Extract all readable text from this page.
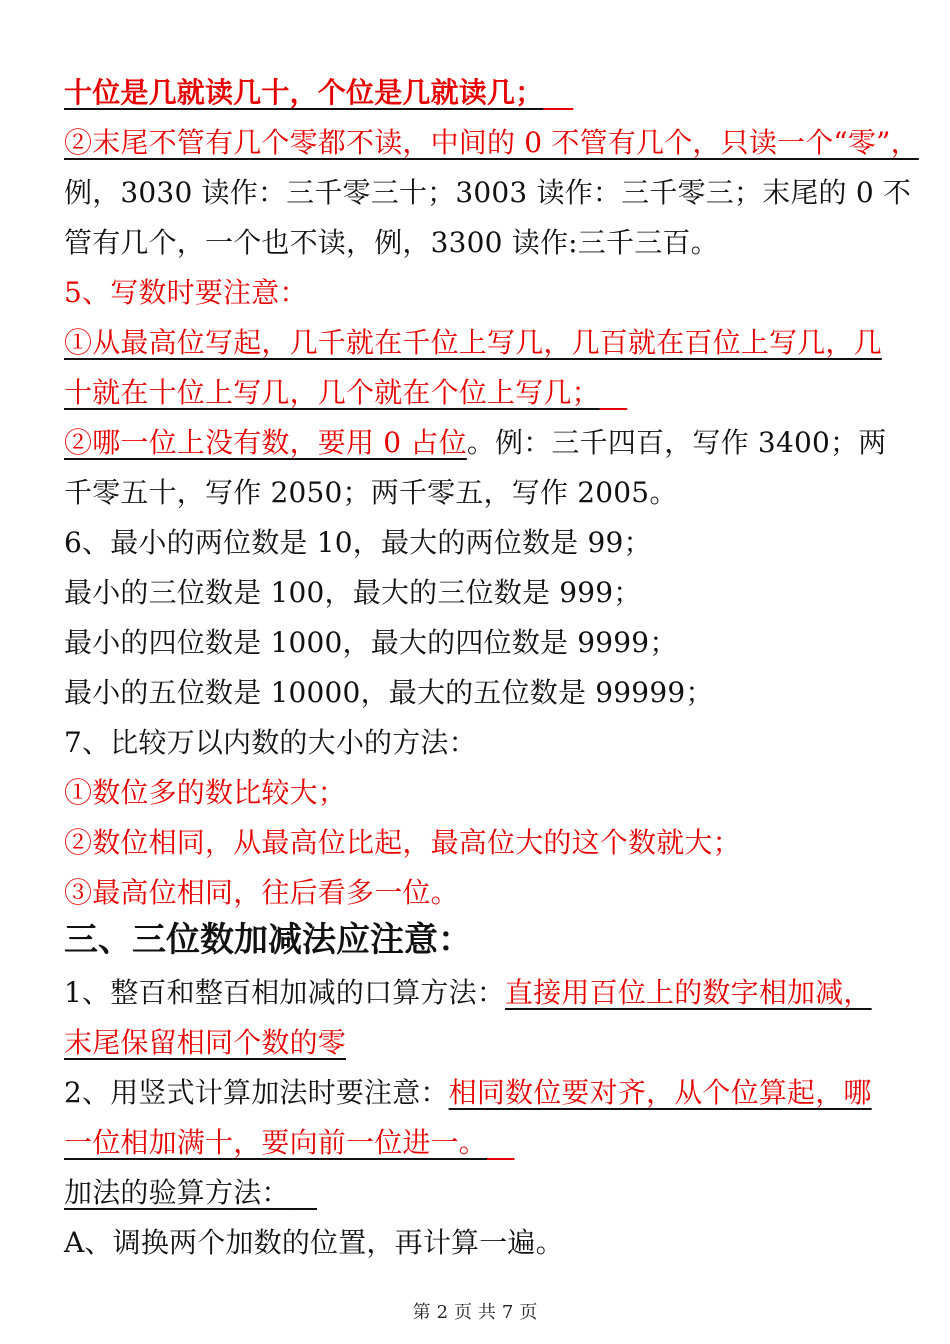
十位是几就读几十，个位是几就读几；
②末尾不管有几个零都不读，中间的 0 不管有几个，只读一个“零”，
例，3030 读作：三千零三十；3003 读作：三千零三；末尾的 0 不
管有几个，一个也不读，例，3300 读作:三千三百。
5、写数时要注意：
①从最高位写起，几千就在千位上写几，几百就在百位上写几，几
十就在十位上写几，几个就在个位上写几；
②哪一位上没有数，要用 0 占位。例：三千四百，写作 3400；两
千零五十，写作 2050；两千零五，写作 2005。
6、最小的两位数是 10，最大的两位数是 99；
最小的三位数是 100，最大的三位数是 999；
最小的四位数是 1000，最大的四位数是 9999；
最小的五位数是 10000，最大的五位数是 99999；
7、比较万以内数的大小的方法：
①数位多的数比较大；
②数位相同，从最高位比起，最高位大的这个数就大；
③最高位相同，往后看多一位。
三、三位数加减法应注意：
1、整百和整百相加减的口算方法：直接用百位上的数字相加减，
末尾保留相同个数的零
2、用竖式计算加法时要注意：相同数位要对齐，从个位算起，哪
一位相加满十，要向前一位进一。
加法的验算方法：
A、调换两个加数的位置，再计算一遍。
第 2 页 共 7 页
